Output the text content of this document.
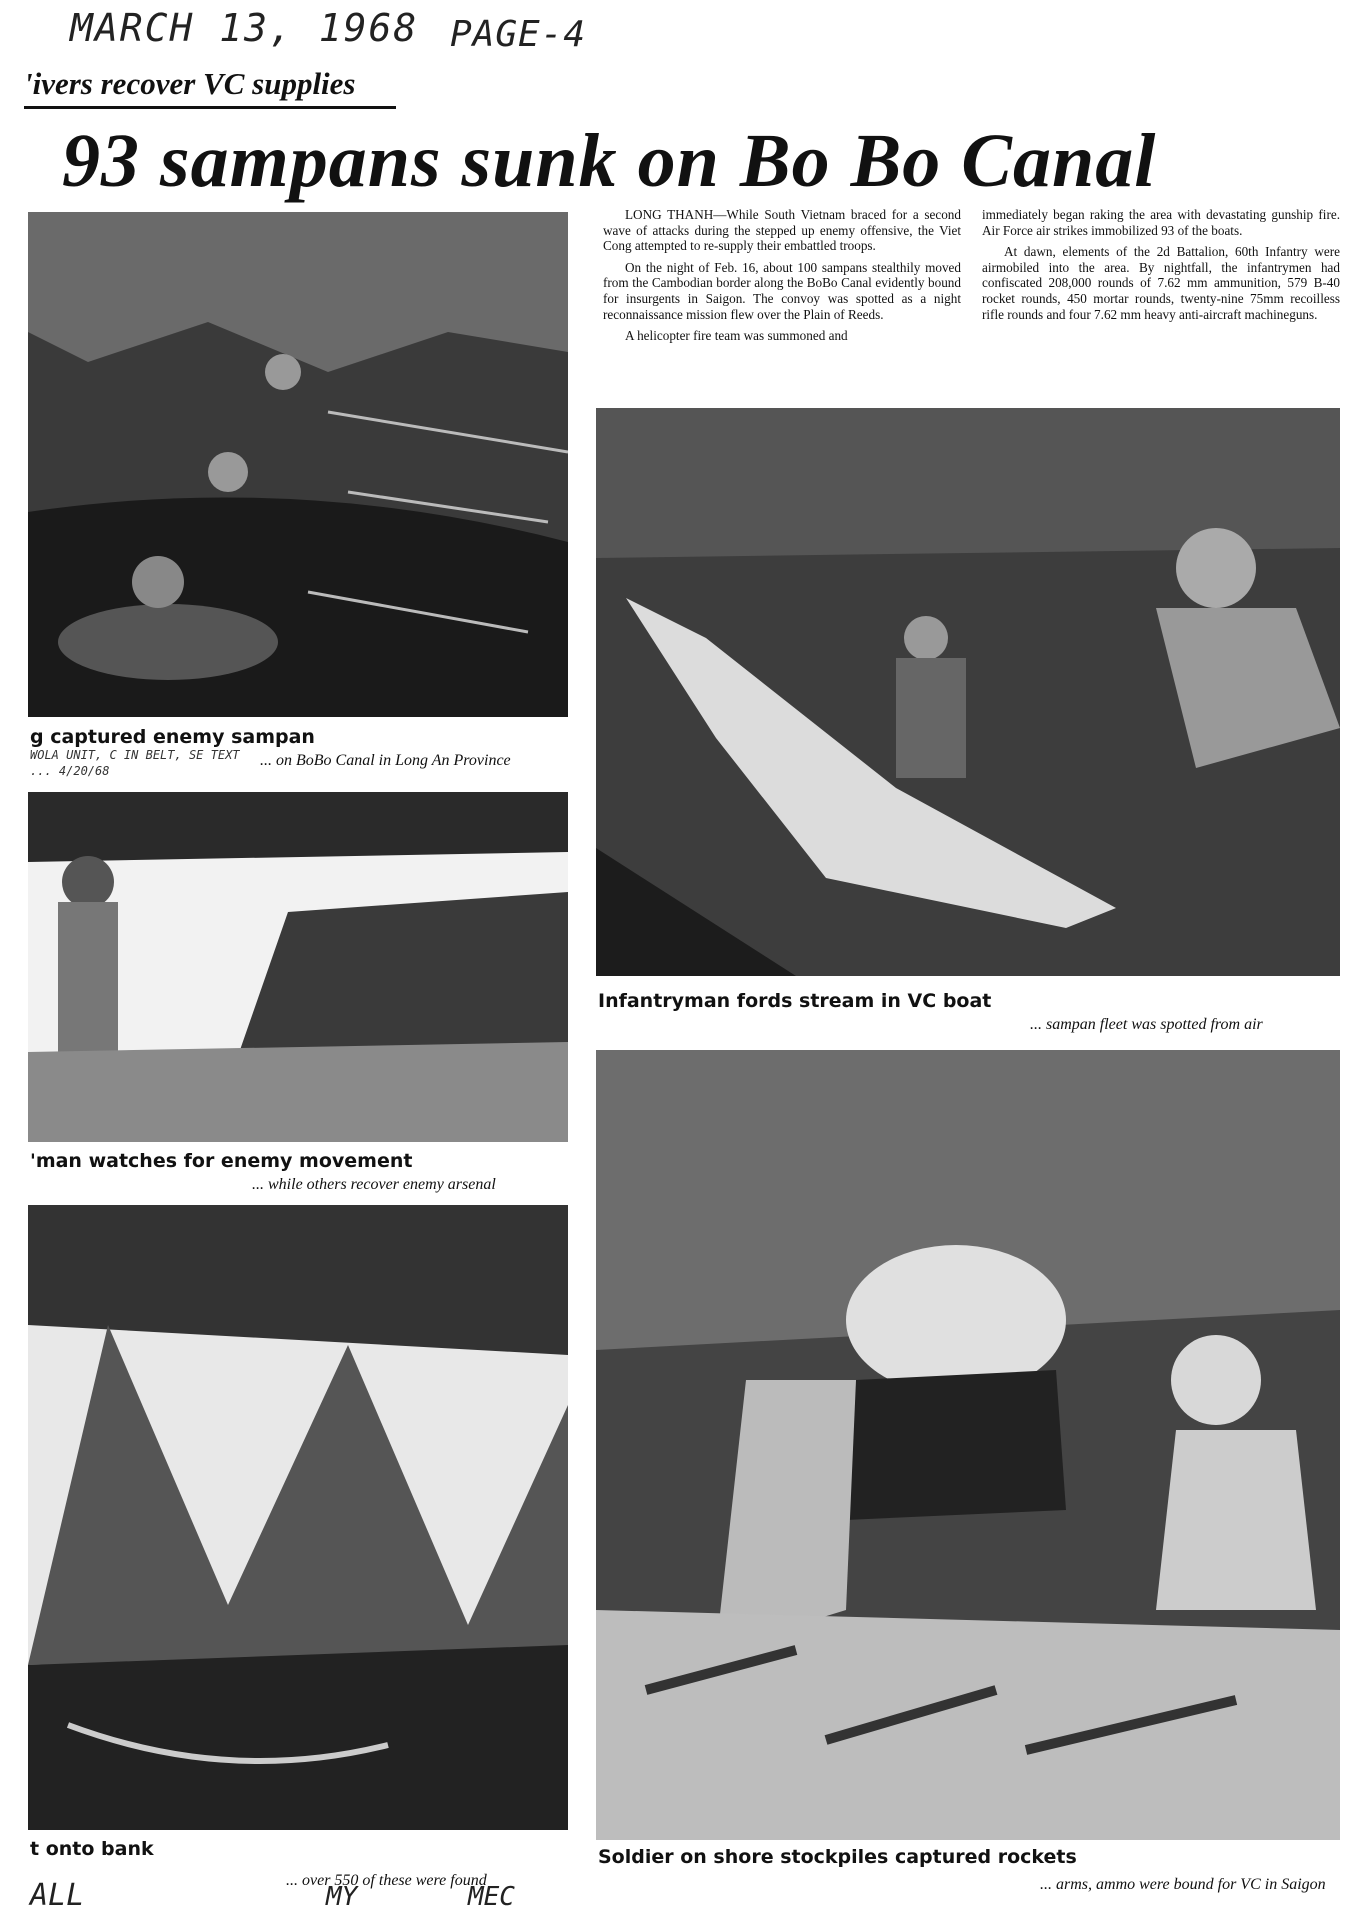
MARCH 13, 1968 PAGE-4
'ivers recover VC supplies
93 sampans sunk on Bo Bo Canal
g captured enemy sampan
WOLA UNIT, C IN BELT, SE TEXT
... 4/20/68
... on BoBo Canal in Long An Province
'man watches for enemy movement
... while others recover enemy arsenal
t onto bank
... over 550 of these were found

LONG THANH—While South Vietnam braced for a second wave of attacks during the stepped up enemy offensive, the Viet Cong attempted to re-supply their embattled troops.

On the night of Feb. 16, about 100 sampans stealthily moved from the Cambodian border along the BoBo Canal evidently bound for insurgents in Saigon. The convoy was spotted as a night reconnaissance mission flew over the Plain of Reeds.

A helicopter fire team was summoned and

immediately began raking the area with devastating gunship fire. Air Force air strikes immobilized 93 of the boats.

At dawn, elements of the 2d Battalion, 60th Infantry were airmobiled into the area. By nightfall, the infantrymen had confiscated 208,000 rounds of 7.62 mm ammunition, 579 B-40 rocket rounds, 450 mortar rounds, twenty-nine 75mm recoilless rifle rounds and four 7.62 mm heavy anti-aircraft machineguns.

Infantryman fords stream in VC boat
... sampan fleet was spotted from air
Soldier on shore stockpiles captured rockets
... arms, ammo were bound for VC in Saigon
ALL	MY	MEC
